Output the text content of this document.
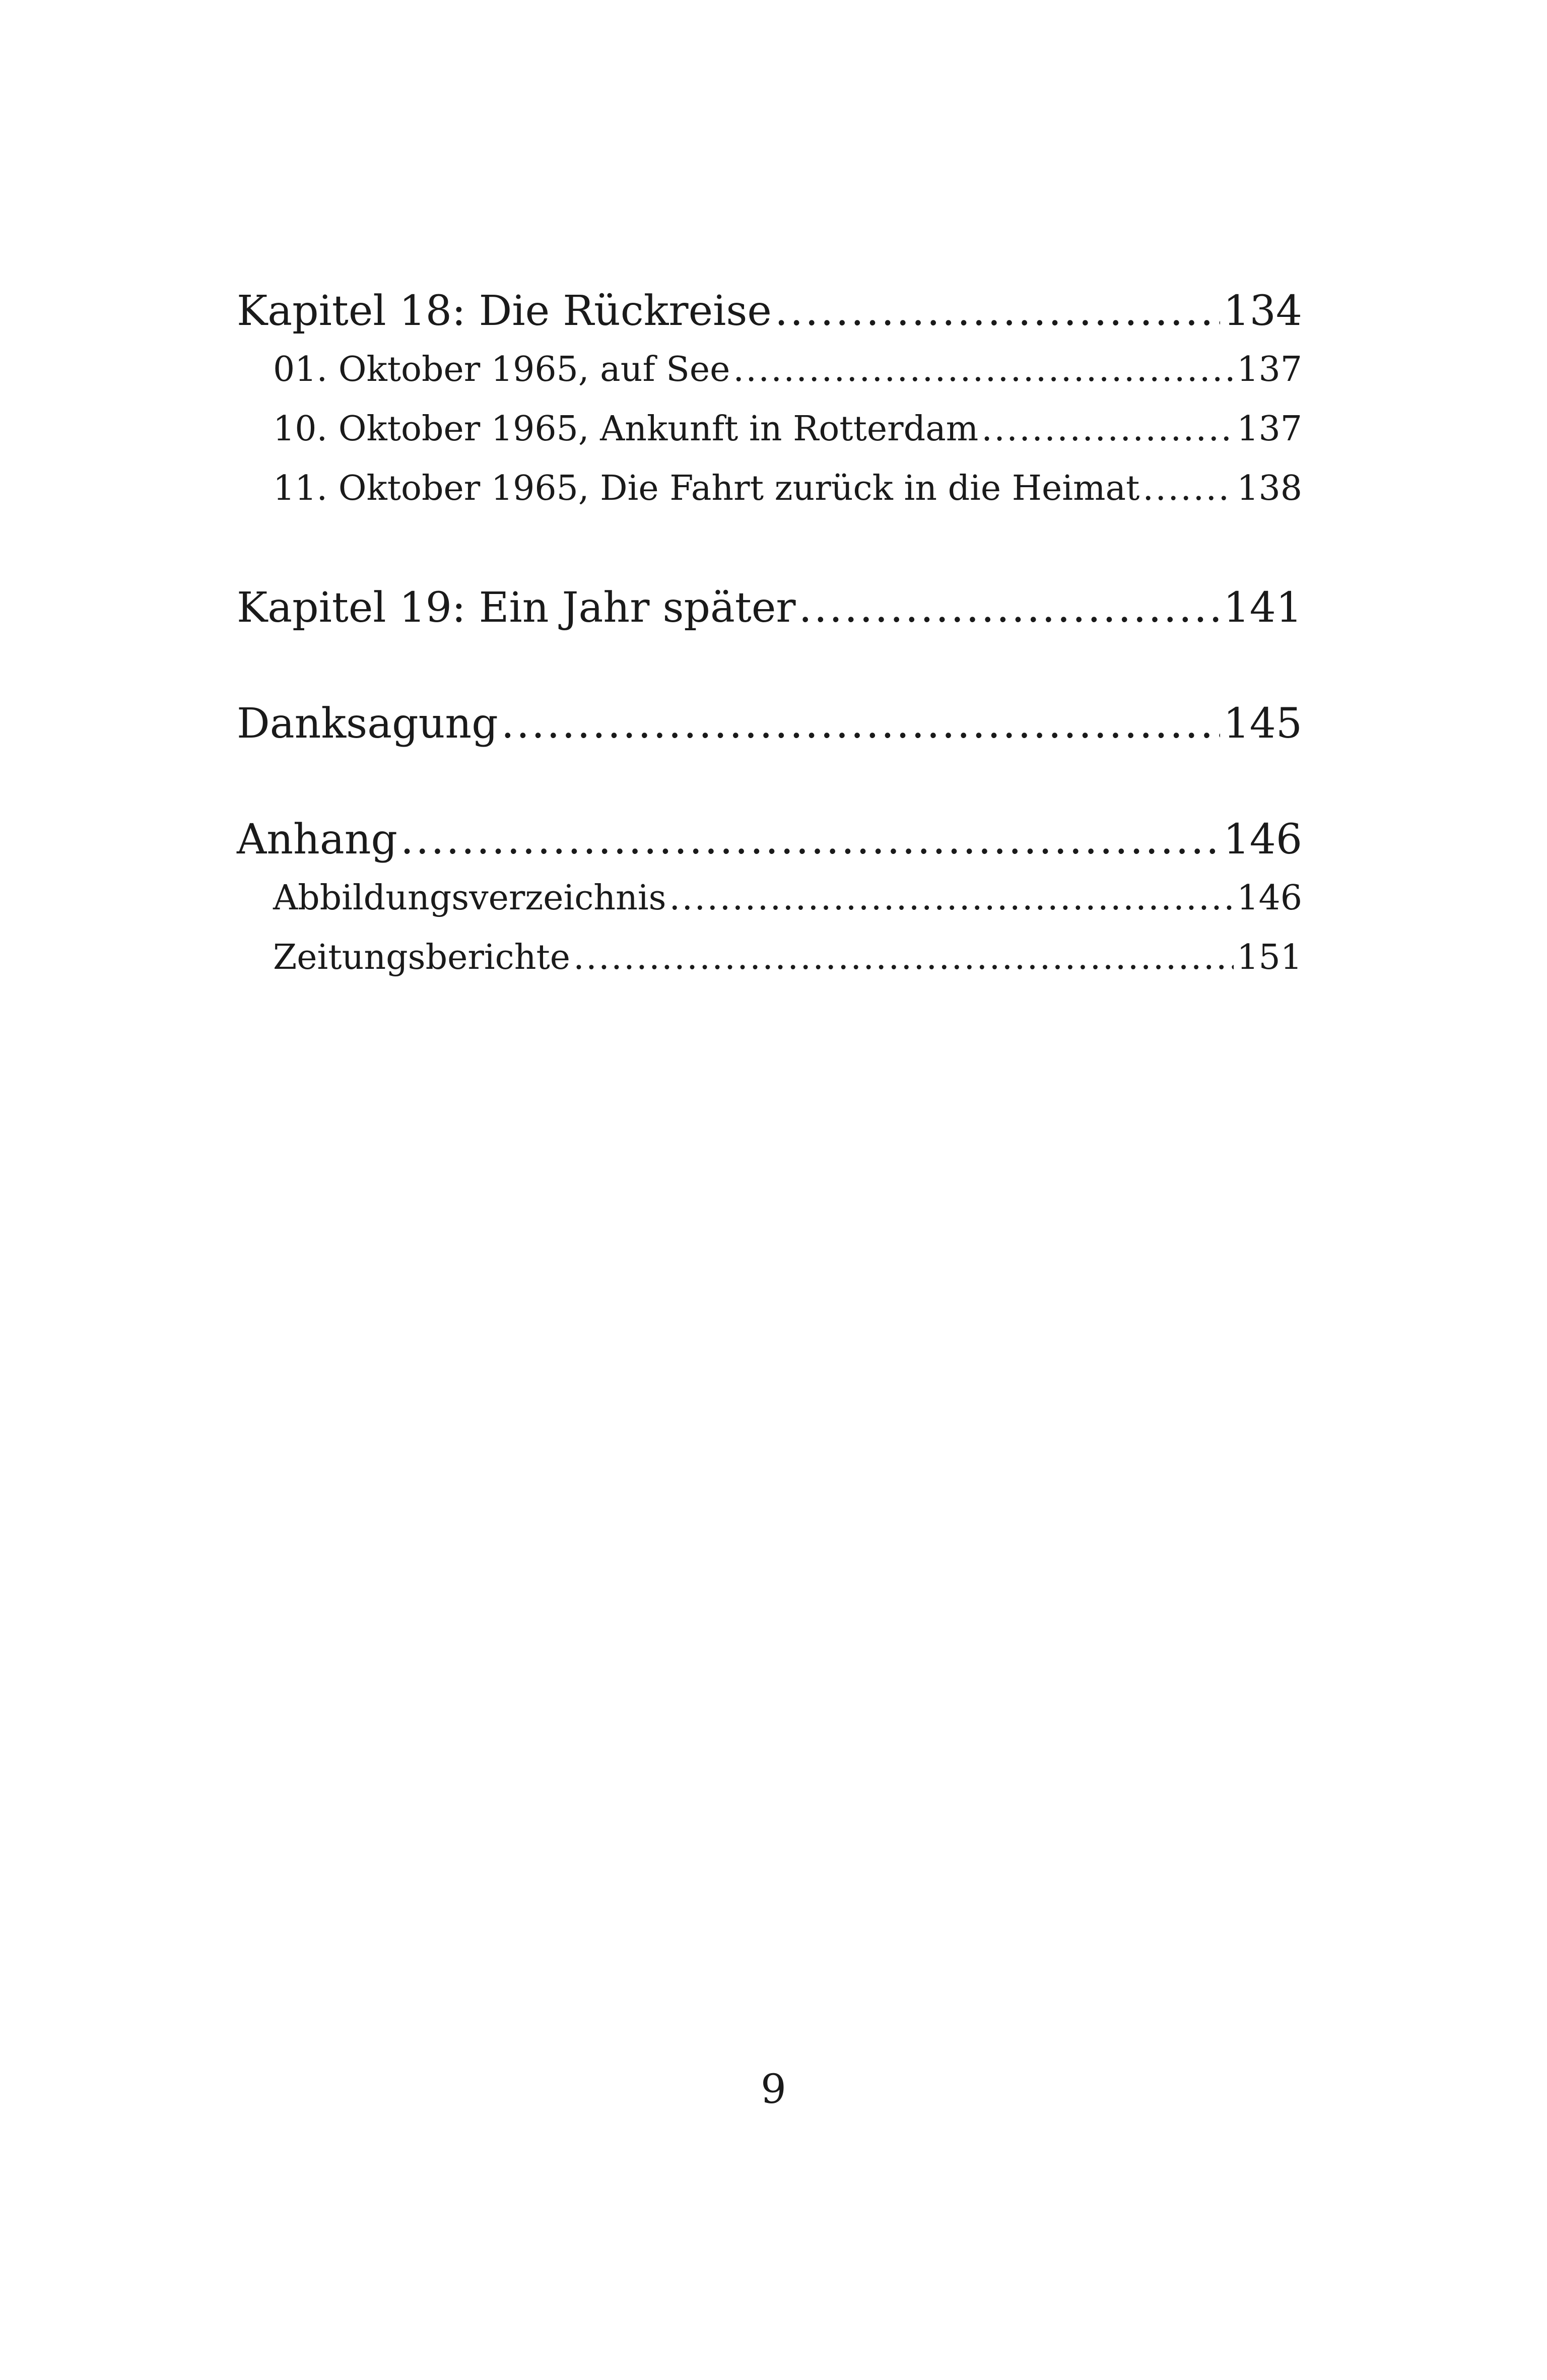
Kapitel 18: Die Rückreise .....	134
01. Oktober 1965, auf See .....	137
10. Oktober 1965, Ankunft in Rotterdam .....	137
11. Oktober 1965, Die Fahrt zurück in die Heimat .....	138
Kapitel 19: Ein Jahr später .....	141
Danksagung .....	145
Anhang .....	146
Abbildungsverzeichnis .....	146
Zeitungsberichte .....	151
9
